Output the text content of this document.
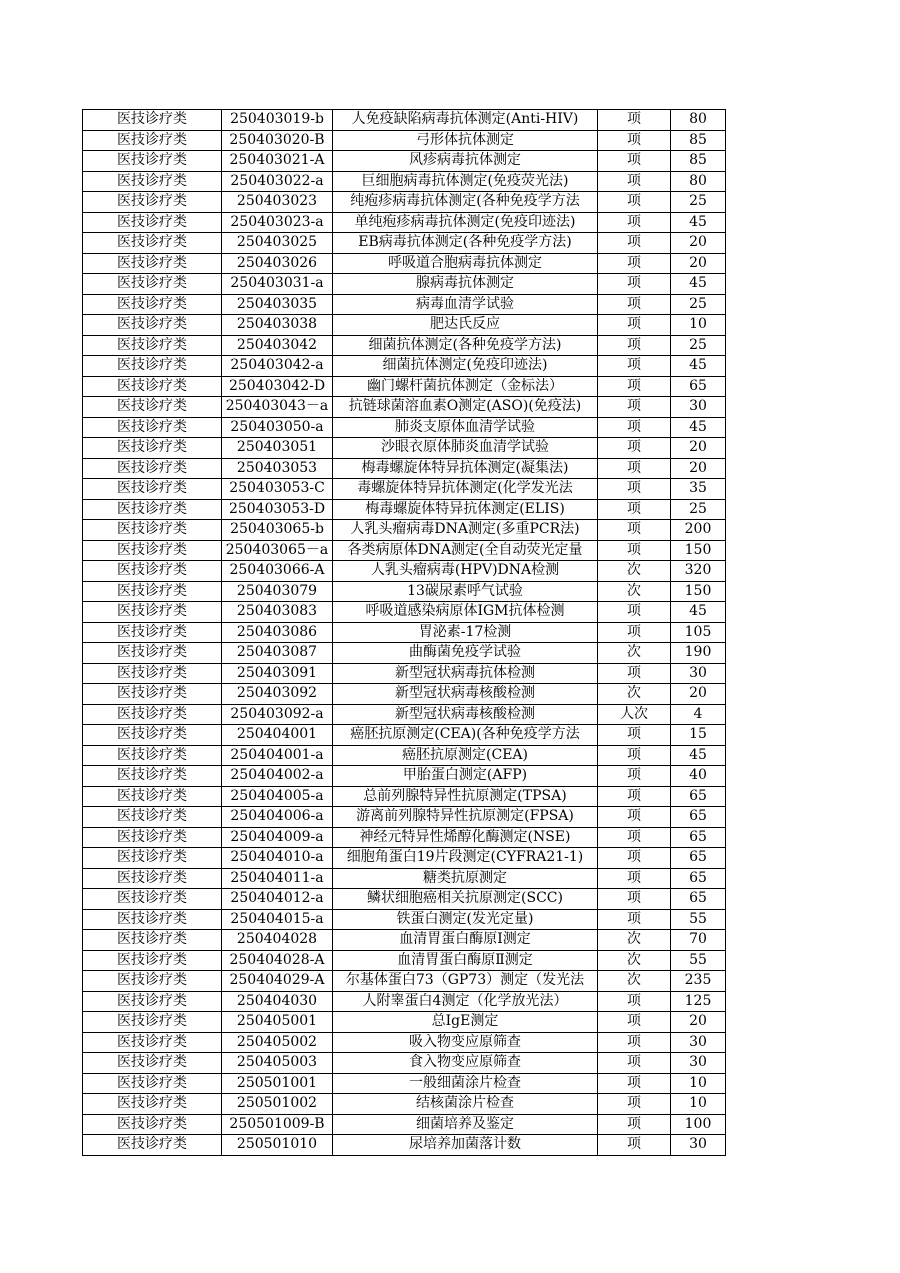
医技诊疗类	250403019-b	人免疫缺陷病毒抗体测定(Anti-HIV)	项	80
医技诊疗类	250403020-B	弓形体抗体测定	项	85
医技诊疗类	250403021-A	风疹病毒抗体测定	项	85
医技诊疗类	250403022-a	巨细胞病毒抗体测定(免疫荧光法)	项	80
医技诊疗类	250403023	纯疱疹病毒抗体测定(各种免疫学方法	项	25
医技诊疗类	250403023-a	单纯疱疹病毒抗体测定(免疫印迹法)	项	45
医技诊疗类	250403025	EB病毒抗体测定(各种免疫学方法)	项	20
医技诊疗类	250403026	呼吸道合胞病毒抗体测定	项	20
医技诊疗类	250403031-a	腺病毒抗体测定	项	45
医技诊疗类	250403035	病毒血清学试验	项	25
医技诊疗类	250403038	肥达氏反应	项	10
医技诊疗类	250403042	细菌抗体测定(各种免疫学方法)	项	25
医技诊疗类	250403042-a	细菌抗体测定(免疫印迹法)	项	45
医技诊疗类	250403042-D	幽门螺杆菌抗体测定（金标法）	项	65
医技诊疗类	250403043－a	抗链球菌溶血素O测定(ASO)(免疫法)	项	30
医技诊疗类	250403050-a	肺炎支原体血清学试验	项	45
医技诊疗类	250403051	沙眼衣原体肺炎血清学试验	项	20
医技诊疗类	250403053	梅毒螺旋体特异抗体测定(凝集法)	项	20
医技诊疗类	250403053-C	毒螺旋体特异抗体测定(化学发光法	项	35
医技诊疗类	250403053-D	梅毒螺旋体特异抗体测定(ELIS)	项	25
医技诊疗类	250403065-b	人乳头瘤病毒DNA测定(多重PCR法)	项	200
医技诊疗类	250403065－a	各类病原体DNA测定(全自动荧光定量	项	150
医技诊疗类	250403066-A	人乳头瘤病毒(HPV)DNA检测	次	320
医技诊疗类	250403079	13碳尿素呼气试验	次	150
医技诊疗类	250403083	呼吸道感染病原体IGM抗体检测	项	45
医技诊疗类	250403086	胃泌素-17检测	项	105
医技诊疗类	250403087	曲酶菌免疫学试验	次	190
医技诊疗类	250403091	新型冠状病毒抗体检测	项	30
医技诊疗类	250403092	新型冠状病毒核酸检测	次	20
医技诊疗类	250403092-a	新型冠状病毒核酸检测	人次	4
医技诊疗类	250404001	癌胚抗原测定(CEA)(各种免疫学方法	项	15
医技诊疗类	250404001-a	癌胚抗原测定(CEA)	项	45
医技诊疗类	250404002-a	甲胎蛋白测定(AFP)	项	40
医技诊疗类	250404005-a	总前列腺特异性抗原测定(TPSA)	项	65
医技诊疗类	250404006-a	游离前列腺特异性抗原测定(FPSA)	项	65
医技诊疗类	250404009-a	神经元特异性烯醇化酶测定(NSE)	项	65
医技诊疗类	250404010-a	细胞角蛋白19片段测定(CYFRA21-1)	项	65
医技诊疗类	250404011-a	糖类抗原测定	项	65
医技诊疗类	250404012-a	鳞状细胞癌相关抗原测定(SCC)	项	65
医技诊疗类	250404015-a	铁蛋白测定(发光定量)	项	55
医技诊疗类	250404028	血清胃蛋白酶原Ⅰ测定	次	70
医技诊疗类	250404028-A	血清胃蛋白酶原Ⅱ测定	次	55
医技诊疗类	250404029-A	尔基体蛋白73（GP73）测定（发光法	次	235
医技诊疗类	250404030	人附睾蛋白4测定（化学放光法）	项	125
医技诊疗类	250405001	总IgE测定	项	20
医技诊疗类	250405002	吸入物变应原筛查	项	30
医技诊疗类	250405003	食入物变应原筛查	项	30
医技诊疗类	250501001	一般细菌涂片检查	项	10
医技诊疗类	250501002	结核菌涂片检查	项	10
医技诊疗类	250501009-B	细菌培养及鉴定	项	100
医技诊疗类	250501010	尿培养加菌落计数	项	30
